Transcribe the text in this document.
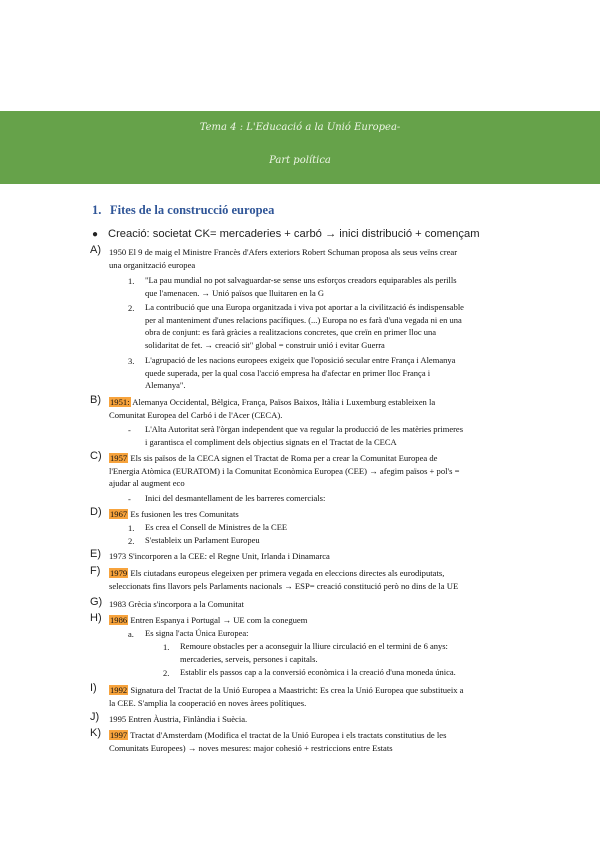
Tema 4 : L'Educació a la Unió Europea-
Part política
1. Fites de la construcció europea
● Creació: societat CK= mercaderies + carbó → inici distribució + començam
A) 1950 El 9 de maig el Ministre Francès d'Afers exteriors Robert Schuman proposa als seus veïns crear
una organització europea
1. "La pau mundial no pot salvaguardar-se sense uns esforços creadors equiparables als perills
que l'amenacen. → Unió països que lluitaren en la G
2. La contribució que una Europa organitzada i viva pot aportar a la civilització és indispensable
per al manteniment d'unes relacions pacífiques. (...) Europa no es farà d'una vegada ni en una
obra de conjunt: es farà gràcies a realitzacions concretes, que creïn en primer lloc una
solidaritat de fet. → creació sit" global = construir unió i evitar Guerra
3. L'agrupació de les nacions europees exigeix que l'oposició secular entre França i Alemanya
quede superada, per la qual cosa l'acció empresa ha d'afectar en primer lloc França i
Alemanya".
B) 1951: Alemanya Occidental, Bèlgica, França, Països Baixos, Itàlia i Luxemburg estableixen la
Comunitat Europea del Carbó i de l'Acer (CECA).
- L'Alta Autoritat serà l'òrgan independent que va regular la producció de les matèries primeres
i garantisca el compliment dels objectius signats en el Tractat de la CECA
C) 1957 Els sis països de la CECA signen el Tractat de Roma per a crear la Comunitat Europea de
l'Energia Atòmica (EURATOM) i la Comunitat Econòmica Europea (CEE) → afegim països + pol's =
ajudar al augment eco
- Inici del desmantellament de les barreres comercials:
D) 1967 Es fusionen les tres Comunitats
1. Es crea el Consell de Ministres de la CEE
2. S'estableix un Parlament Europeu
E) 1973 S'incorporen a la CEE: el Regne Unit, Irlanda i Dinamarca
F) 1979 Els ciutadans europeus elegeixen per primera vegada en eleccions directes als eurodiputats,
seleccionats fins llavors pels Parlaments nacionals → ESP= creació constitució però no dins de la UE
G) 1983 Grècia s'incorpora a la Comunitat
H) 1986 Entren Espanya i Portugal → UE com la coneguem
a. Es signa l'acta Única Europea:
1. Remoure obstacles per a aconseguir la lliure circulació en el termini de 6 anys:
mercaderies, serveis, persones i capitals.
2. Establir els passos cap a la conversió econòmica i la creació d'una moneda única.
I) 1992 Signatura del Tractat de la Unió Europea a Maastricht: Es crea la Unió Europea que substitueix a
la CEE. S'amplia la cooperació en noves àrees polítiques.
J) 1995 Entren Àustria, Finlàndia i Suècia.
K) 1997 Tractat d'Amsterdam (Modifica el tractat de la Unió Europea i els tractats constitutius de les
Comunitats Europees) → noves mesures: major cohesió + restriccions entre Estats
